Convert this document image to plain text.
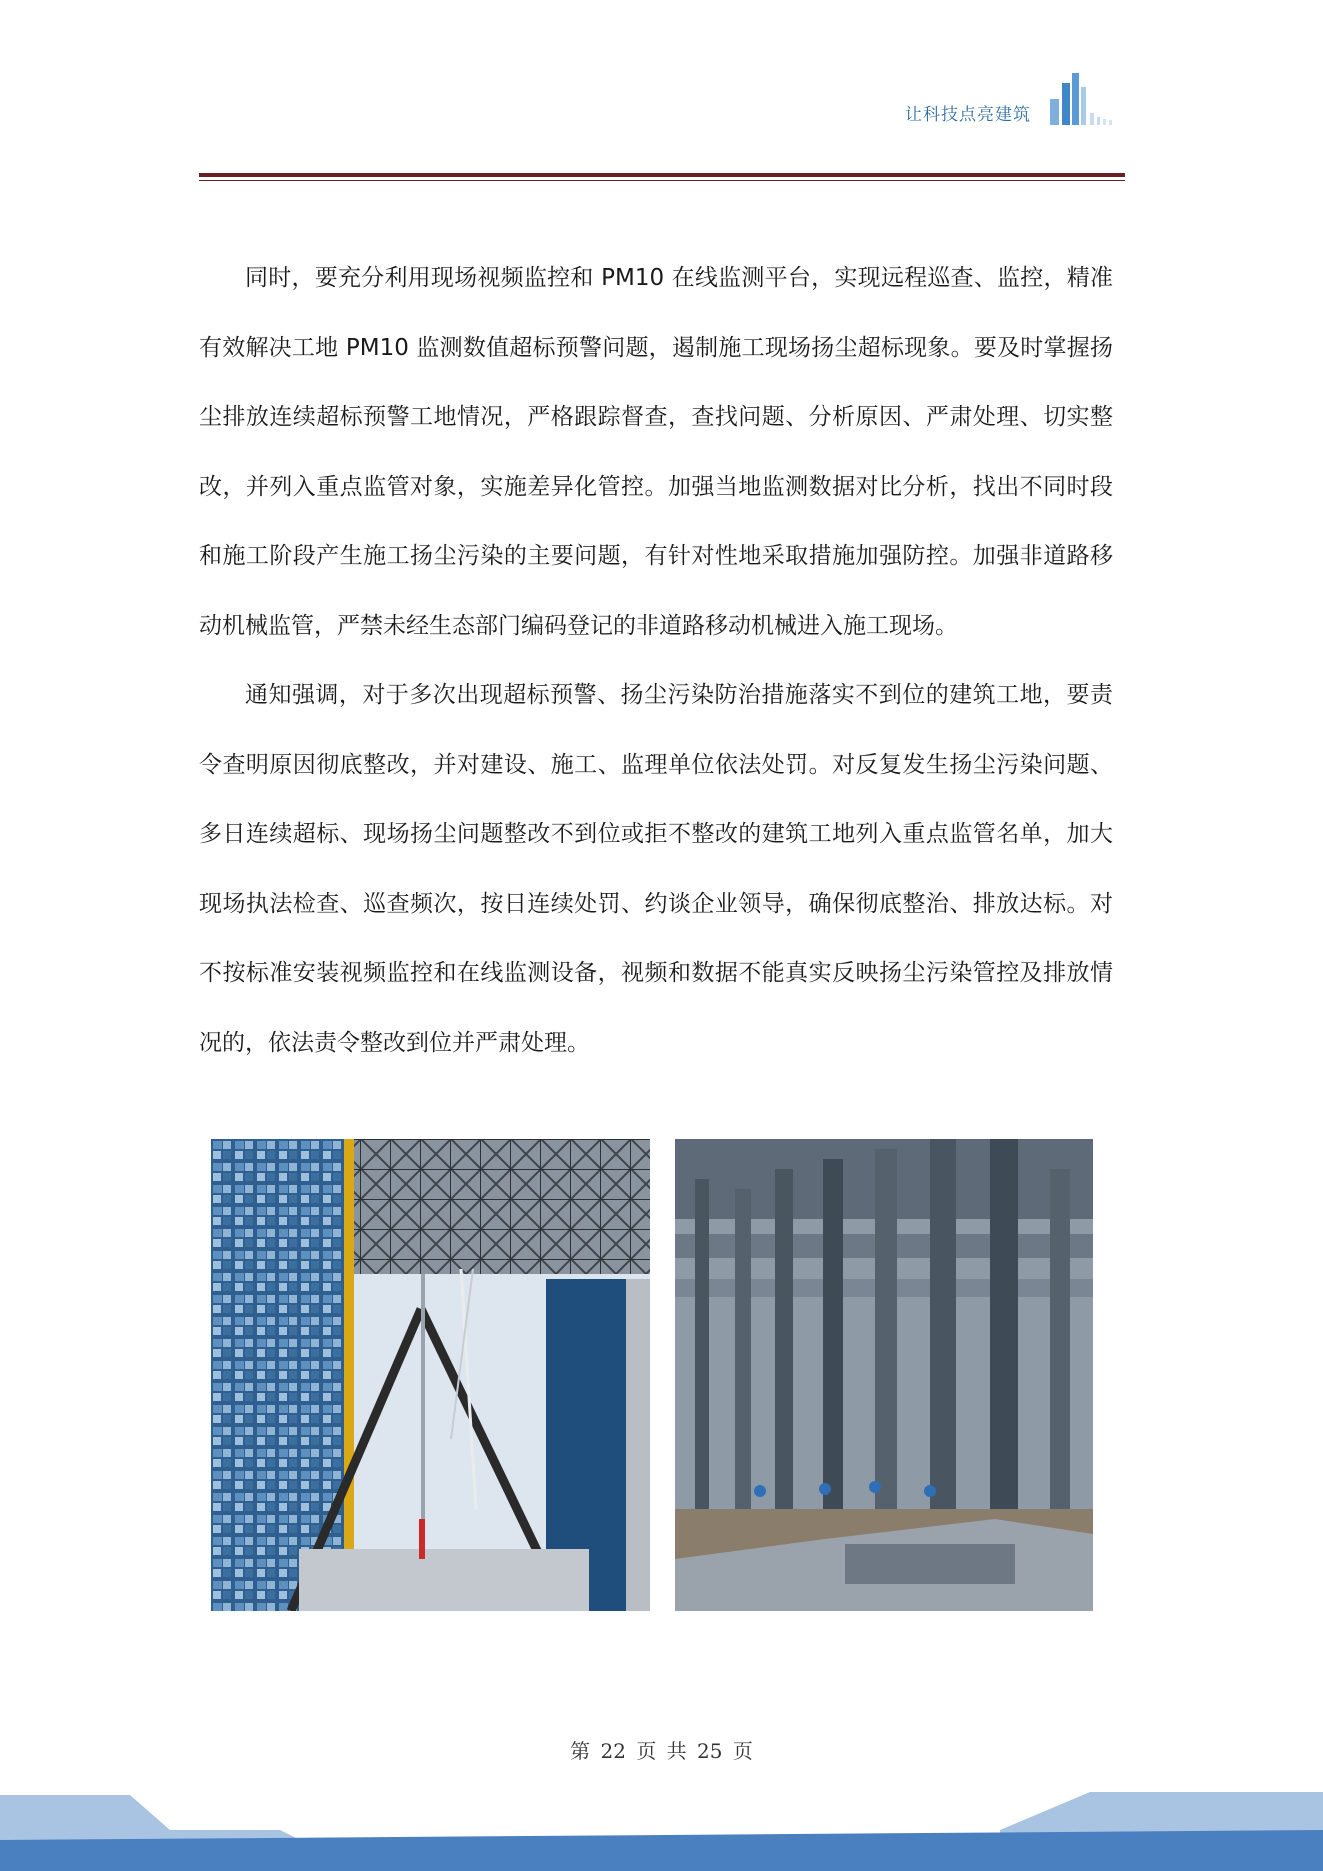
让科技点亮建筑

同时，要充分利用现场视频监控和 PM10 在线监测平台，实现远程巡查、监控，精准有效解决工地 PM10 监测数值超标预警问题，遏制施工现场扬尘超标现象。要及时掌握扬尘排放连续超标预警工地情况，严格跟踪督查，查找问题、分析原因、严肃处理、切实整改，并列入重点监管对象，实施差异化管控。加强当地监测数据对比分析，找出不同时段和施工阶段产生施工扬尘污染的主要问题，有针对性地采取措施加强防控。加强非道路移动机械监管，严禁未经生态部门编码登记的非道路移动机械进入施工现场。

通知强调，对于多次出现超标预警、扬尘污染防治措施落实不到位的建筑工地，要责令查明原因彻底整改，并对建设、施工、监理单位依法处罚。对反复发生扬尘污染问题、多日连续超标、现场扬尘问题整改不到位或拒不整改的建筑工地列入重点监管名单，加大现场执法检查、巡查频次，按日连续处罚、约谈企业领导，确保彻底整治、排放达标。对不按标准安装视频监控和在线监测设备，视频和数据不能真实反映扬尘污染管控及排放情况的，依法责令整改到位并严肃处理。

第 22 页 共 25 页
